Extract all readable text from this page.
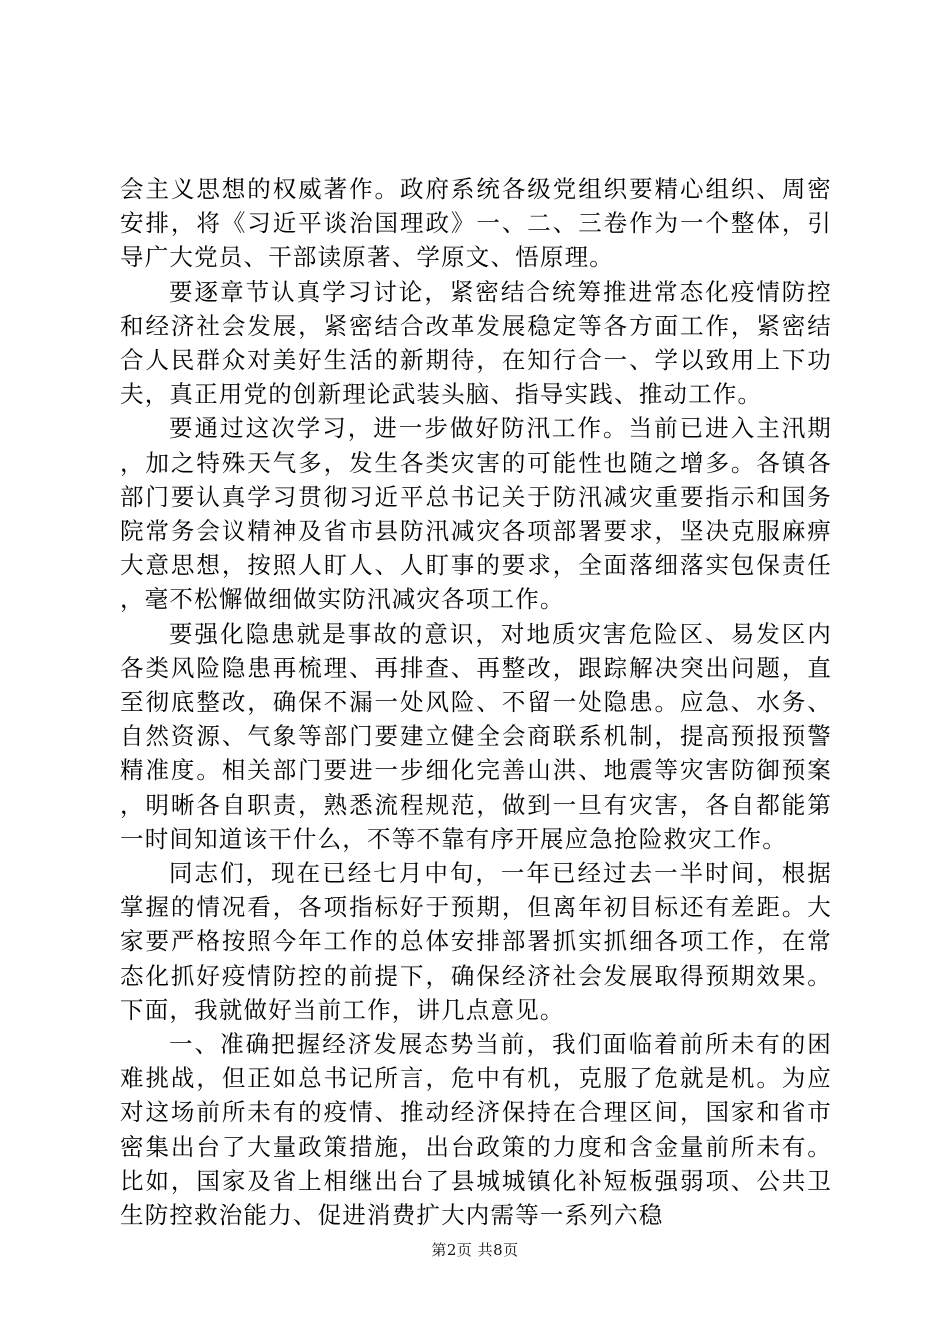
会主义思想的权威著作。政府系统各级党组织要精心组织、周密安排，将《习近平谈治国理政》一、二、三卷作为一个整体，引导广大党员、干部读原著、学原文、悟原理。

要逐章节认真学习讨论，紧密结合统筹推进常态化疫情防控和经济社会发展，紧密结合改革发展稳定等各方面工作，紧密结合人民群众对美好生活的新期待，在知行合一、学以致用上下功夫，真正用党的创新理论武装头脑、指导实践、推动工作。

要通过这次学习，进一步做好防汛工作。当前已进入主汛期，加之特殊天气多，发生各类灾害的可能性也随之增多。各镇各部门要认真学习贯彻习近平总书记关于防汛减灾重要指示和国务院常务会议精神及省市县防汛减灾各项部署要求，坚决克服麻痹大意思想，按照人盯人、人盯事的要求，全面落细落实包保责任，毫不松懈做细做实防汛减灾各项工作。

要强化隐患就是事故的意识，对地质灾害危险区、易发区内各类风险隐患再梳理、再排查、再整改，跟踪解决突出问题，直至彻底整改，确保不漏一处风险、不留一处隐患。应急、水务、自然资源、气象等部门要建立健全会商联系机制，提高预报预警精准度。相关部门要进一步细化完善山洪、地震等灾害防御预案，明晰各自职责，熟悉流程规范，做到一旦有灾害，各自都能第一时间知道该干什么，不等不靠有序开展应急抢险救灾工作。

同志们，现在已经七月中旬，一年已经过去一半时间，根据掌握的情况看，各项指标好于预期，但离年初目标还有差距。大家要严格按照今年工作的总体安排部署抓实抓细各项工作，在常态化抓好疫情防控的前提下，确保经济社会发展取得预期效果。下面，我就做好当前工作，讲几点意见。

一、准确把握经济发展态势当前，我们面临着前所未有的困难挑战，但正如总书记所言，危中有机，克服了危就是机。为应对这场前所未有的疫情、推动经济保持在合理区间，国家和省市密集出台了大量政策措施，出台政策的力度和含金量前所未有。比如，国家及省上相继出台了县城城镇化补短板强弱项、公共卫生防控救治能力、促进消费扩大内需等一系列六稳

第2页 共8页
